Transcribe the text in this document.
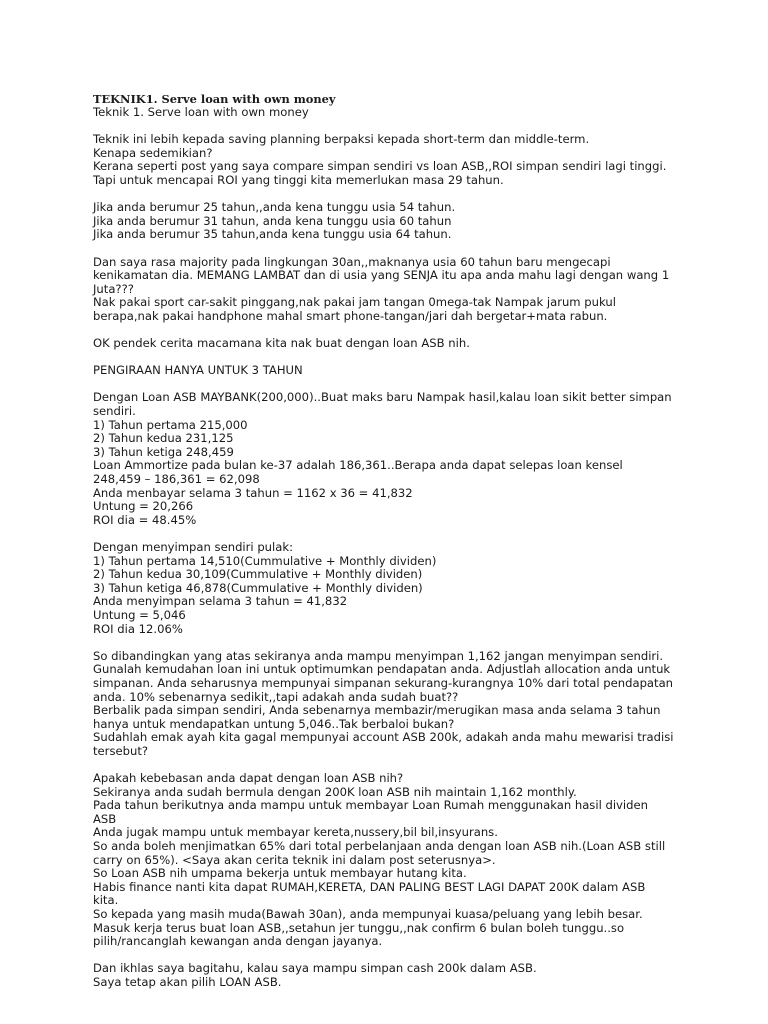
TEKNIK1. Serve loan with own money

Teknik 1. Serve loan with own money

Teknik ini lebih kepada saving planning berpaksi kepada short-term dan middle-term.

Kenapa sedemikian?

Kerana seperti post yang saya compare simpan sendiri vs loan ASB,,ROI simpan sendiri lagi tinggi.

Tapi untuk mencapai ROI yang tinggi kita memerlukan masa 29 tahun.

Jika anda berumur 25 tahun,,anda kena tunggu usia 54 tahun.

Jika anda berumur 31 tahun, anda kena tunggu usia 60 tahun

Jika anda berumur 35 tahun,anda kena tunggu usia 64 tahun.

Dan saya rasa majority pada lingkungan 30an,,maknanya usia 60 tahun baru mengecapi

kenikamatan dia. MEMANG LAMBAT dan di usia yang SENJA itu apa anda mahu lagi dengan wang 1

Juta???

Nak pakai sport car-sakit pinggang,nak pakai jam tangan 0mega-tak Nampak jarum pukul

berapa,nak pakai handphone mahal smart phone-tangan/jari dah bergetar+mata rabun.

OK pendek cerita macamana kita nak buat dengan loan ASB nih.

PENGIRAAN HANYA UNTUK 3 TAHUN

Dengan Loan ASB MAYBANK(200,000)..Buat maks baru Nampak hasil,kalau loan sikit better simpan

sendiri.

1) Tahun pertama 215,000

2) Tahun kedua 231,125

3) Tahun ketiga 248,459

Loan Ammortize pada bulan ke-37 adalah 186,361..Berapa anda dapat selepas loan kensel

248,459 – 186,361 = 62,098

Anda menbayar selama 3 tahun = 1162 x 36 = 41,832

Untung = 20,266

ROI dia = 48.45%

Dengan menyimpan sendiri pulak:

1) Tahun pertama 14,510(Cummulative + Monthly dividen)

2) Tahun kedua 30,109(Cummulative + Monthly dividen)

3) Tahun ketiga 46,878(Cummulative + Monthly dividen)

Anda menyimpan selama 3 tahun = 41,832

Untung = 5,046

ROI dia 12.06%

So dibandingkan yang atas sekiranya anda mampu menyimpan 1,162 jangan menyimpan sendiri.

Gunalah kemudahan loan ini untuk optimumkan pendapatan anda. Adjustlah allocation anda untuk

simpanan. Anda seharusnya mempunyai simpanan sekurang-kurangnya 10% dari total pendapatan

anda. 10% sebenarnya sedikit,,tapi adakah anda sudah buat??

Berbalik pada simpan sendiri, Anda sebenarnya membazir/merugikan masa anda selama 3 tahun

hanya untuk mendapatkan untung 5,046..Tak berbaloi bukan?

Sudahlah emak ayah kita gagal mempunyai account ASB 200k, adakah anda mahu mewarisi tradisi

tersebut?

Apakah kebebasan anda dapat dengan loan ASB nih?

Sekiranya anda sudah bermula dengan 200K loan ASB nih maintain 1,162 monthly.

Pada tahun berikutnya anda mampu untuk membayar Loan Rumah menggunakan hasil dividen

ASB

Anda jugak mampu untuk membayar kereta,nussery,bil bil,insyurans.

So anda boleh menjimatkan 65% dari total perbelanjaan anda dengan loan ASB nih.(Loan ASB still

carry on 65%). <Saya akan cerita teknik ini dalam post seterusnya>.

So Loan ASB nih umpama bekerja untuk membayar hutang kita.

Habis finance nanti kita dapat RUMAH,KERETA, DAN PALING BEST LAGI DAPAT 200K dalam ASB

kita.

So kepada yang masih muda(Bawah 30an), anda mempunyai kuasa/peluang yang lebih besar.

Masuk kerja terus buat loan ASB,,setahun jer tunggu,,nak confirm 6 bulan boleh tunggu..so

pilih/rancanglah kewangan anda dengan jayanya.

Dan ikhlas saya bagitahu, kalau saya mampu simpan cash 200k dalam ASB.

Saya tetap akan pilih LOAN ASB.
